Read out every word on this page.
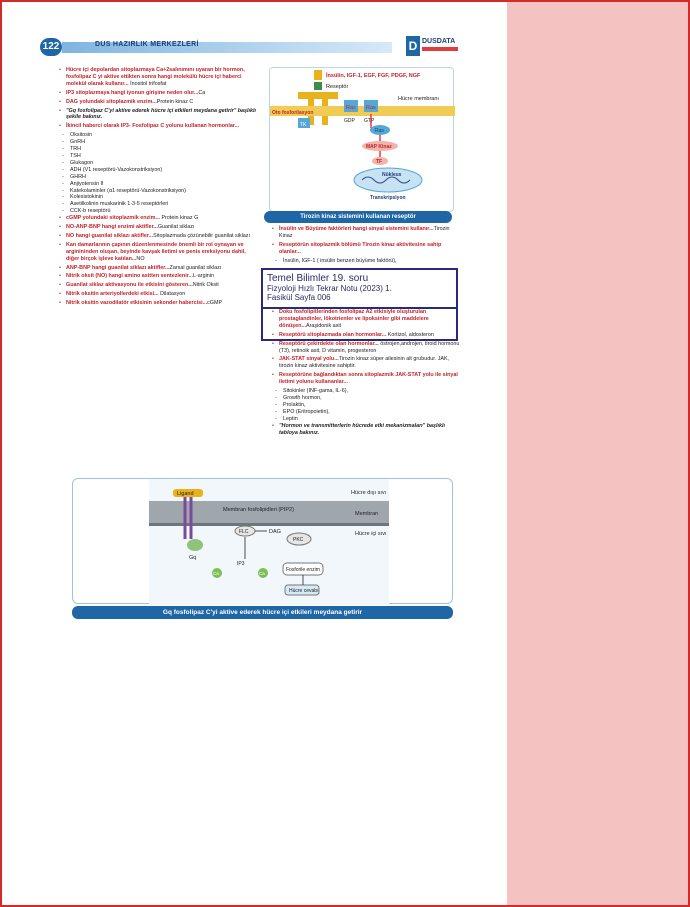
122	DUS HAZIRLIK MERKEZLERİ	D DUSDATA
• Hücre içi depolardan sitoplazmaya Ca+2salınımını uyaran bir hormon, fosfolipaz C yi aktive ettikten sonra hangi molekülü hücre içi haberci molekül olarak kullanır... İnositol trifosfat
• IP3 sitoplazmaya hangi iyonun girişine neden olur...Ca
• DAG yolundaki sitoplazmik enzim...Protein kinaz C
• "Gq fosfolipaz C'yi aktive ederek hücre içi etkileri meydana getirir" başlıklı şekile bakınız.
• İkincil haberci olarak IP3- Fosfolipaz C yolunu kullanan hormonlar...
- Oksitosin
- GnRH
- TRH
- TSH
- Glukagon
- ADH (V1 reseptörü-Vazokonstriksiyon)
- GHRH
- Anjiyotensin II
- Katekolaminler (α1 reseptörü-Vazokonstriksiyon)
- Kolesistokinin
- Asetilkolinin muskarinik 1-3-5 reseptörleri
- CCK-b reseptörü
• cGMP yolundaki sitoplazmik enzim... Protein kinaz G
• NO-ANP-BNP hangi enzimi aktifler...Guanilat siklazı
• NO hangi guanilat siklazı aktifler...Sitoplazmada çözünebilir guanilat siklazı
• Kan damarlarının çapının düzenlenmesinde önemli bir rol oynayan ve arginininden oluşan, beyinde kavşak iletimi ve penis ereksiyonu dahil, diğer birçok işleve katılan...NO
• ANP-BNP hangi guanilat siklazı aktifler...Zarsal guanilat siklazı
• Nitrik oksit (NO) hangi amino asitten sentezlenir...L-arginin
• Guanilat siklaz aktivasyonu ile etkisini gösteren...Nitrik Oksit
• Nitrik oksitin arteriyollerdeki etkisi... Dilatasyon
• Nitrik oksitin vazodilatör etkisinin sekonder habercisi...cGMP
İnsülin, IGF-1, EGF, FGF, PDGF, NGF
Reseptör
Hücre membranı
Oto fosforilasyon
TK
Ras Ras
GDP GTP
Ras
MAP Kinaz
TF
Nükleus
Transkripsiyon
Tirozin kinaz sistemini kullanan reseptör
• İnsülin ve Büyüme faktörleri hangi sinyal sistemini kullanır...Tirozin Kinaz
• Reseptörün sitoplazmik bölümü Tirozin kinaz aktivitesine sahip olanlar...
- İnsülin, IGF-1 ( insülin benzeri büyüme faktörü),
Temel Bilimler 19. soru
Fizyoloji Hızlı Tekrar Notu (2023) 1.
Fasikül Sayfa 006
• Doku fosfolipitlerinden fosfolipaz A2 etkisiyle oluşturulan prostaglandinler, lökotrienler ve lipoksinler gibi maddelere dönüşen...Araşidonik asit
• Reseptörü sitoplazmada olan hormonlar... Kortizol, aldosteron
• Reseptörü çekirdekte olan hormonlar... östrojen,androjen, tiroid hormonu (T3), retinoik asit, D vitamin, progesteron
• JAK-STAT sinyal yolu...Tirozin kinaz süper ailesinin alt grubudur. JAK, tirozin kinaz aktivitesine sahiptir.
• Reseptörüne bağlandıktan sonra sitoplazmik JAK-STAT yolu ile sinyal iletimi yolunu kullananlar...
- Sitokinler (INF-gama, IL-6),
- Growth hormon,
- Prolaktin,
- EPO (Eritropoietin),
- Leptin
• "Hormon ve transmitterlerin hücrede etki mekanizmaları" başlıklı tabloya bakınız.
Ligand	Hücre dışı sıvı
Membran fosfolipidleri (PIP2)
Membran
Hücre içi sıvı
Gq
FLC	DAG
IP3
PKC
Ca	Ca
Fosforile enzim
Hücre cevabı
Gq fosfolipaz C'yi aktive ederek hücre içi etkileri meydana getirir
